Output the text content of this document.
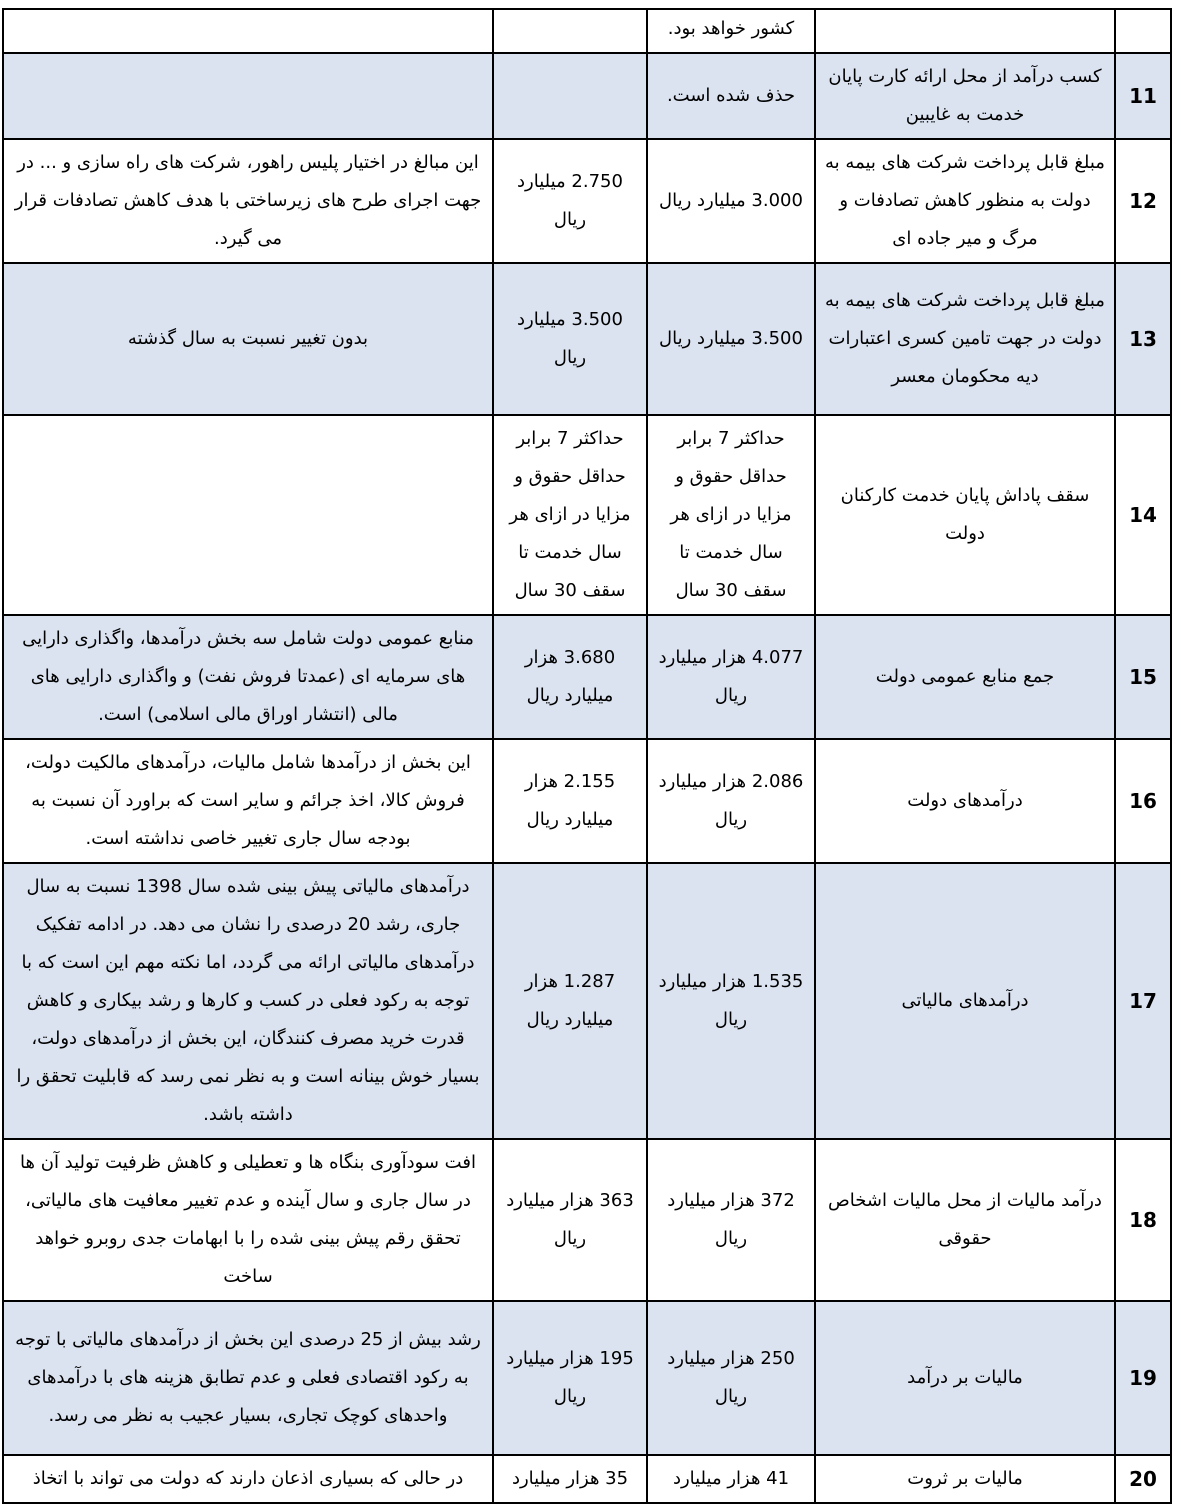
		کشور خواهد بود.		
11	کسب درآمد از محل ارائه کارت پایان خدمت به غایبین	حذف شده است.		
12	مبلغ قابل پرداخت شرکت های بیمه به دولت به منظور کاهش تصادفات و مرگ و میر جاده ای	3.000 میلیارد ریال	2.750 میلیارد ریال	این مبالغ در اختیار پلیس راهور، شرکت های راه سازی و ... در جهت اجرای طرح های زیرساختی با هدف کاهش تصادفات قرار می گیرد.
13	مبلغ قابل پرداخت شرکت های بیمه به دولت در جهت تامین کسری اعتبارات دیه محکومان معسر	3.500 میلیارد ریال	3.500 میلیارد ریال	بدون تغییر نسبت به سال گذشته
14	سقف پاداش پایان خدمت کارکنان دولت	حداکثر 7 برابر حداقل حقوق و مزایا در ازای هر سال خدمت تا سقف 30 سال	حداکثر 7 برابر حداقل حقوق و مزایا در ازای هر سال خدمت تا سقف 30 سال	
15	جمع منابع عمومی دولت	4.077 هزار میلیارد ریال	3.680 هزار میلیارد ریال	منابع عمومی دولت شامل سه بخش درآمدها، واگذاری دارایی های سرمایه ای (عمدتا فروش نفت) و واگذاری دارایی های مالی (انتشار اوراق مالی اسلامی) است.
16	درآمدهای دولت	2.086 هزار میلیارد ریال	2.155 هزار میلیارد ریال	این بخش از درآمدها شامل مالیات، درآمدهای مالکیت دولت، فروش کالا، اخذ جرائم و سایر است که براورد آن نسبت به بودجه سال جاری تغییر خاصی نداشته است.
17	درآمدهای مالیاتی	1.535 هزار میلیارد ریال	1.287 هزار میلیارد ریال	درآمدهای مالیاتی پیش بینی شده سال 1398 نسبت به سال جاری، رشد 20 درصدی را نشان می دهد. در ادامه تفکیک درآمدهای مالیاتی ارائه می گردد، اما نکته مهم این است که با توجه به رکود فعلی در کسب و کارها و رشد بیکاری و کاهش قدرت خرید مصرف کنندگان، این بخش از درآمدهای دولت، بسیار خوش بینانه است و به نظر نمی رسد که قابلیت تحقق را داشته باشد.
18	درآمد مالیات از محل مالیات اشخاص حقوقی	372 هزار میلیارد ریال	363 هزار میلیارد ریال	افت سودآوری بنگاه ها و تعطیلی و کاهش ظرفیت تولید آن ها در سال جاری و سال آینده و عدم تغییر معافیت های مالیاتی، تحقق رقم پیش بینی شده را با ابهامات جدی روبرو خواهد ساخت
19	مالیات بر درآمد	250 هزار میلیارد ریال	195 هزار میلیارد ریال	رشد بیش از 25 درصدی این بخش از درآمدهای مالیاتی با توجه به رکود اقتصادی فعلی و عدم تطابق هزینه های با درآمدهای واحدهای کوچک تجاری، بسیار عجیب به نظر می رسد.
20	مالیات بر ثروت	41 هزار میلیارد	35 هزار میلیارد	در حالی که بسیاری اذعان دارند که دولت می تواند با اتخاذ
